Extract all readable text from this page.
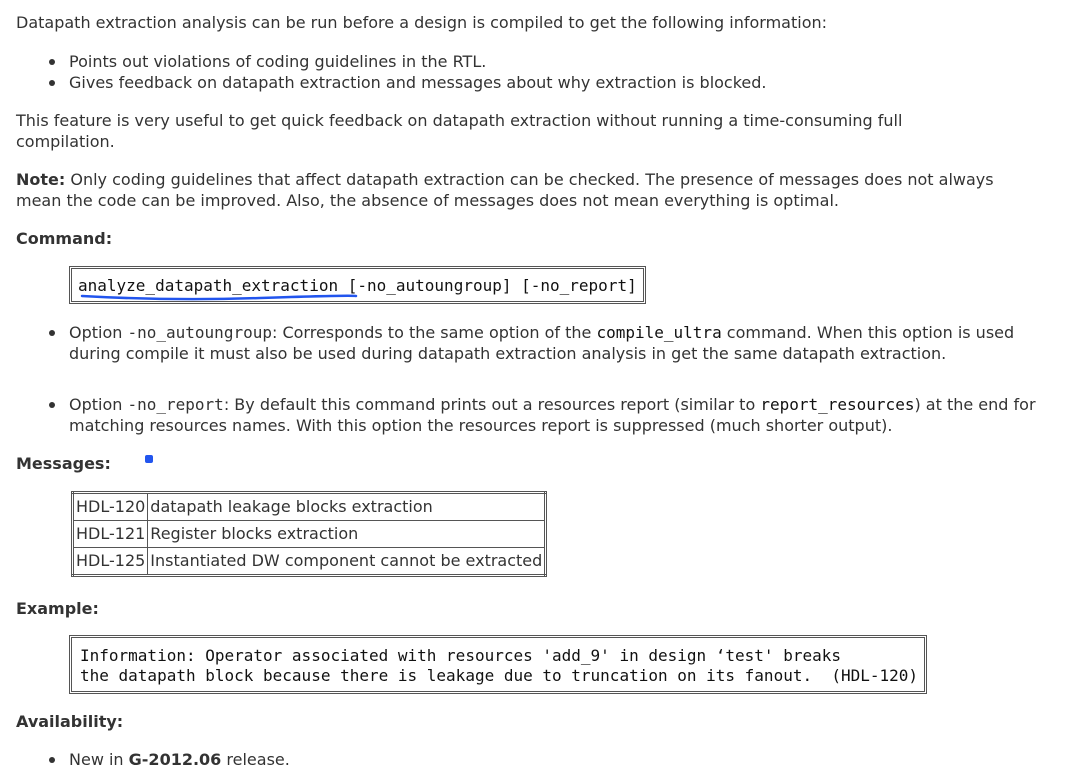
Datapath extraction analysis can be run before a design is compiled to get the following information:

Points out violations of coding guidelines in the RTL.
Gives feedback on datapath extraction and messages about why extraction is blocked.

This feature is very useful to get quick feedback on datapath extraction without running a time-consuming full compilation.

Note: Only coding guidelines that affect datapath extraction can be checked. The presence of messages does not always mean the code can be improved. Also, the absence of messages does not mean everything is optimal.

Command:
analyze_datapath_extraction [-no_autoungroup] [-no_report]
Option -no_autoungroup: Corresponds to the same option of the compile_ultra command. When this option is used during compile it must also be used during datapath extraction analysis in get the same datapath extraction.
Option -no_report: By default this command prints out a resources report (similar to report_resources) at the end for matching resources names. With this option the resources report is suppressed (much shorter output).
Messages:
HDL-120	datapath leakage blocks extraction
HDL-121	Register blocks extraction
HDL-125	Instantiated DW component cannot be extracted
Example:
Information: Operator associated with resources 'add_9' in design ‘test' breaks
the datapath block because there is leakage due to truncation on its fanout.  (HDL-120)
Availability:
New in G-2012.06 release.
